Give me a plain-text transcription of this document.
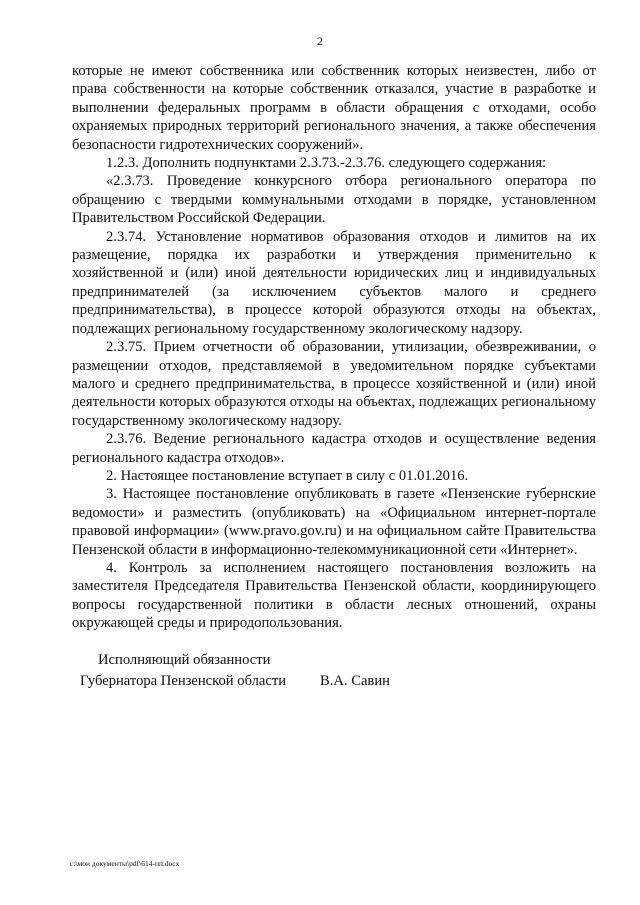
2

которые не имеют собственника или собственник которых неизвестен, либо от права собственности на которые собственник отказался, участие в разработке и выполнении федеральных программ в области обращения с отходами, особо охраняемых природных территорий регионального значения, а также обеспечения безопасности гидротехнических сооружений».

1.2.3. Дополнить подпунктами 2.3.73.-2.3.76. следующего содержания:

«2.3.73. Проведение конкурсного отбора регионального оператора по обращению с твердыми коммунальными отходами в порядке, установленном Правительством Российской Федерации.

2.3.74. Установление нормативов образования отходов и лимитов на их размещение, порядка их разработки и утверждения применительно к хозяйственной и (или) иной деятельности юридических лиц и индивидуальных предпринимателей (за исключением субъектов малого и среднего предпринимательства), в процессе которой образуются отходы на объектах, подлежащих региональному государственному экологическому надзору.

2.3.75. Прием отчетности об образовании, утилизации, обезвреживании, о размещении отходов, представляемой в уведомительном порядке субъектами малого и среднего предпринимательства, в процессе хозяйственной и (или) иной деятельности которых образуются отходы на объектах, подлежащих региональному государственному экологическому надзору.

2.3.76. Ведение регионального кадастра отходов и осуществление ведения регионального кадастра отходов».

2. Настоящее постановление вступает в силу с 01.01.2016.

3. Настоящее постановление опубликовать в газете «Пензенские губернские ведомости» и разместить (опубликовать) на «Официальном интернет-портале правовой информации» (www.pravo.gov.ru) и на официальном сайте Правительства Пензенской области в информационно-телекоммуникационной сети «Интернет».

4. Контроль за исполнением настоящего постановления возложить на заместителя Председателя Правительства Пензенской области, координирующего вопросы государственной политики в области лесных отношений, охраны окружающей среды и природопользования.

Исполняющий обязанности
Губернатора Пензенской области	В.А. Савин
c:\мои документы\pdf\614-пп.docx
